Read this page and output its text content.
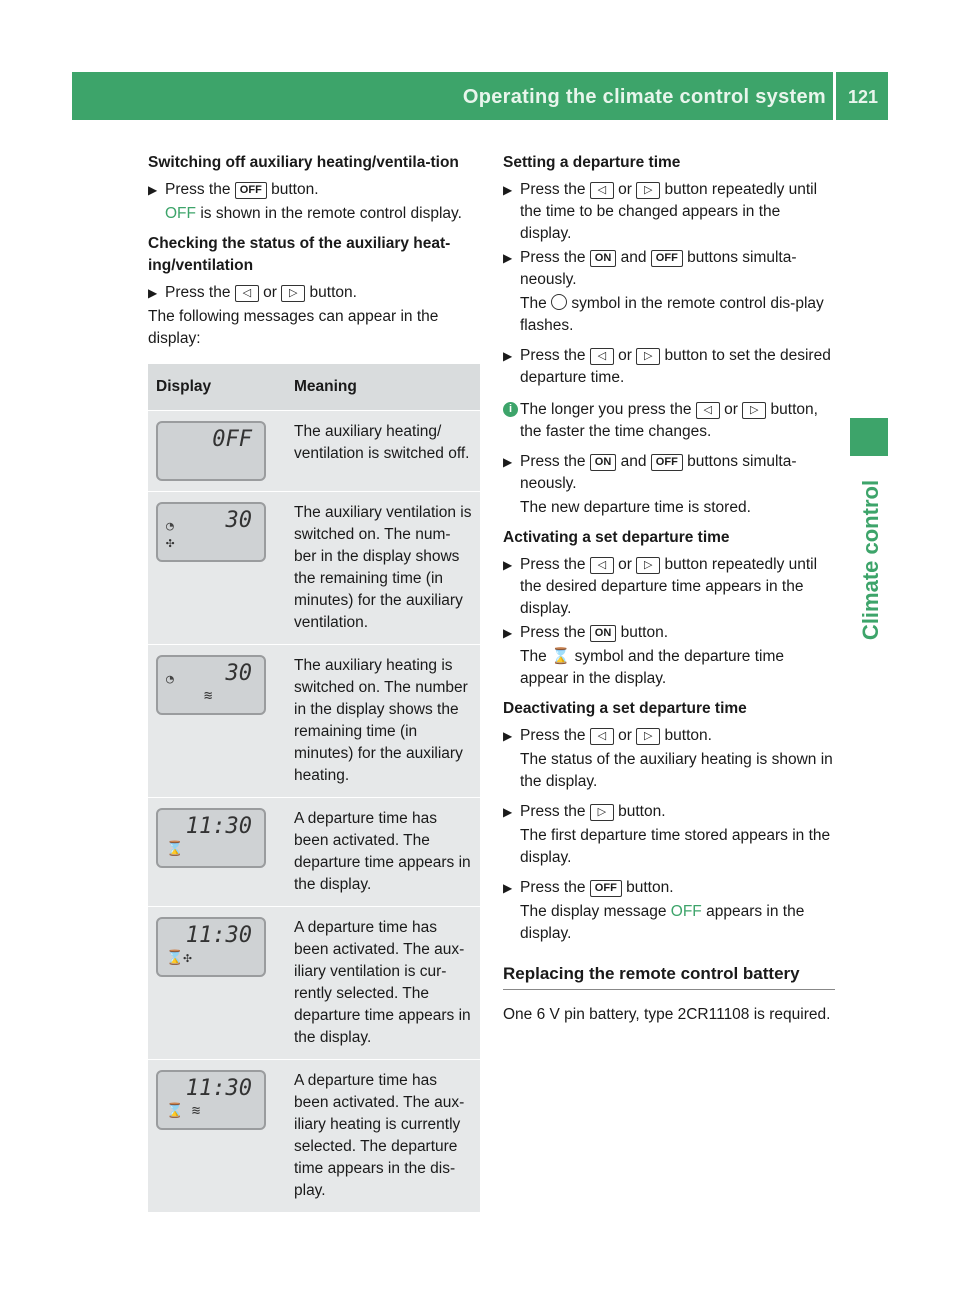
Operating the climate control system 121
Climate control
Switching off auxiliary heating/ventila-tion
▶ Press the OFF button.
OFF is shown in the remote control display.
Checking the status of the auxiliary heat-ing/ventilation
▶ Press the ◁ or ▷ button.
The following messages can appear in the display:
Display	Meaning

0FF	The auxiliary heating/ ventilation is switched off.

◔ 30
✣	The auxiliary ventilation is switched on. The num-ber in the display shows the remaining time (in minutes) for the auxiliary ventilation.

◔ 30
≋	The auxiliary heating is switched on. The number in the display shows the remaining time (in minutes) for the auxiliary heating.

11:30
⌛	A departure time has been activated. The departure time appears in the display.

11:30
⌛✣	A departure time has been activated. The aux-iliary ventilation is cur-rently selected. The departure time appears in the display.

11:30
⌛ ≋	A departure time has been activated. The aux-iliary heating is currently selected. The departure time appears in the dis-play.
Setting a departure time
▶ Press the ◁ or ▷ button repeatedly until the time to be changed appears in the display.
▶ Press the ON and OFF buttons simulta-neously.
The symbol in the remote control dis-play flashes.
▶ Press the ◁ or ▷ button to set the desired departure time.
i The longer you press the ◁ or ▷ button, the faster the time changes.
▶ Press the ON and OFF buttons simulta-neously.
The new departure time is stored.
Activating a set departure time
▶ Press the ◁ or ▷ button repeatedly until the desired departure time appears in the display.
▶ Press the ON button.
The ⌛ symbol and the departure time appear in the display.
Deactivating a set departure time
▶ Press the ◁ or ▷ button.
The status of the auxiliary heating is shown in the display.
▶ Press the ▷ button.
The first departure time stored appears in the display.
▶ Press the OFF button.
The display message OFF appears in the display.
Replacing the remote control battery
One 6 V pin battery, type 2CR11108 is required.
